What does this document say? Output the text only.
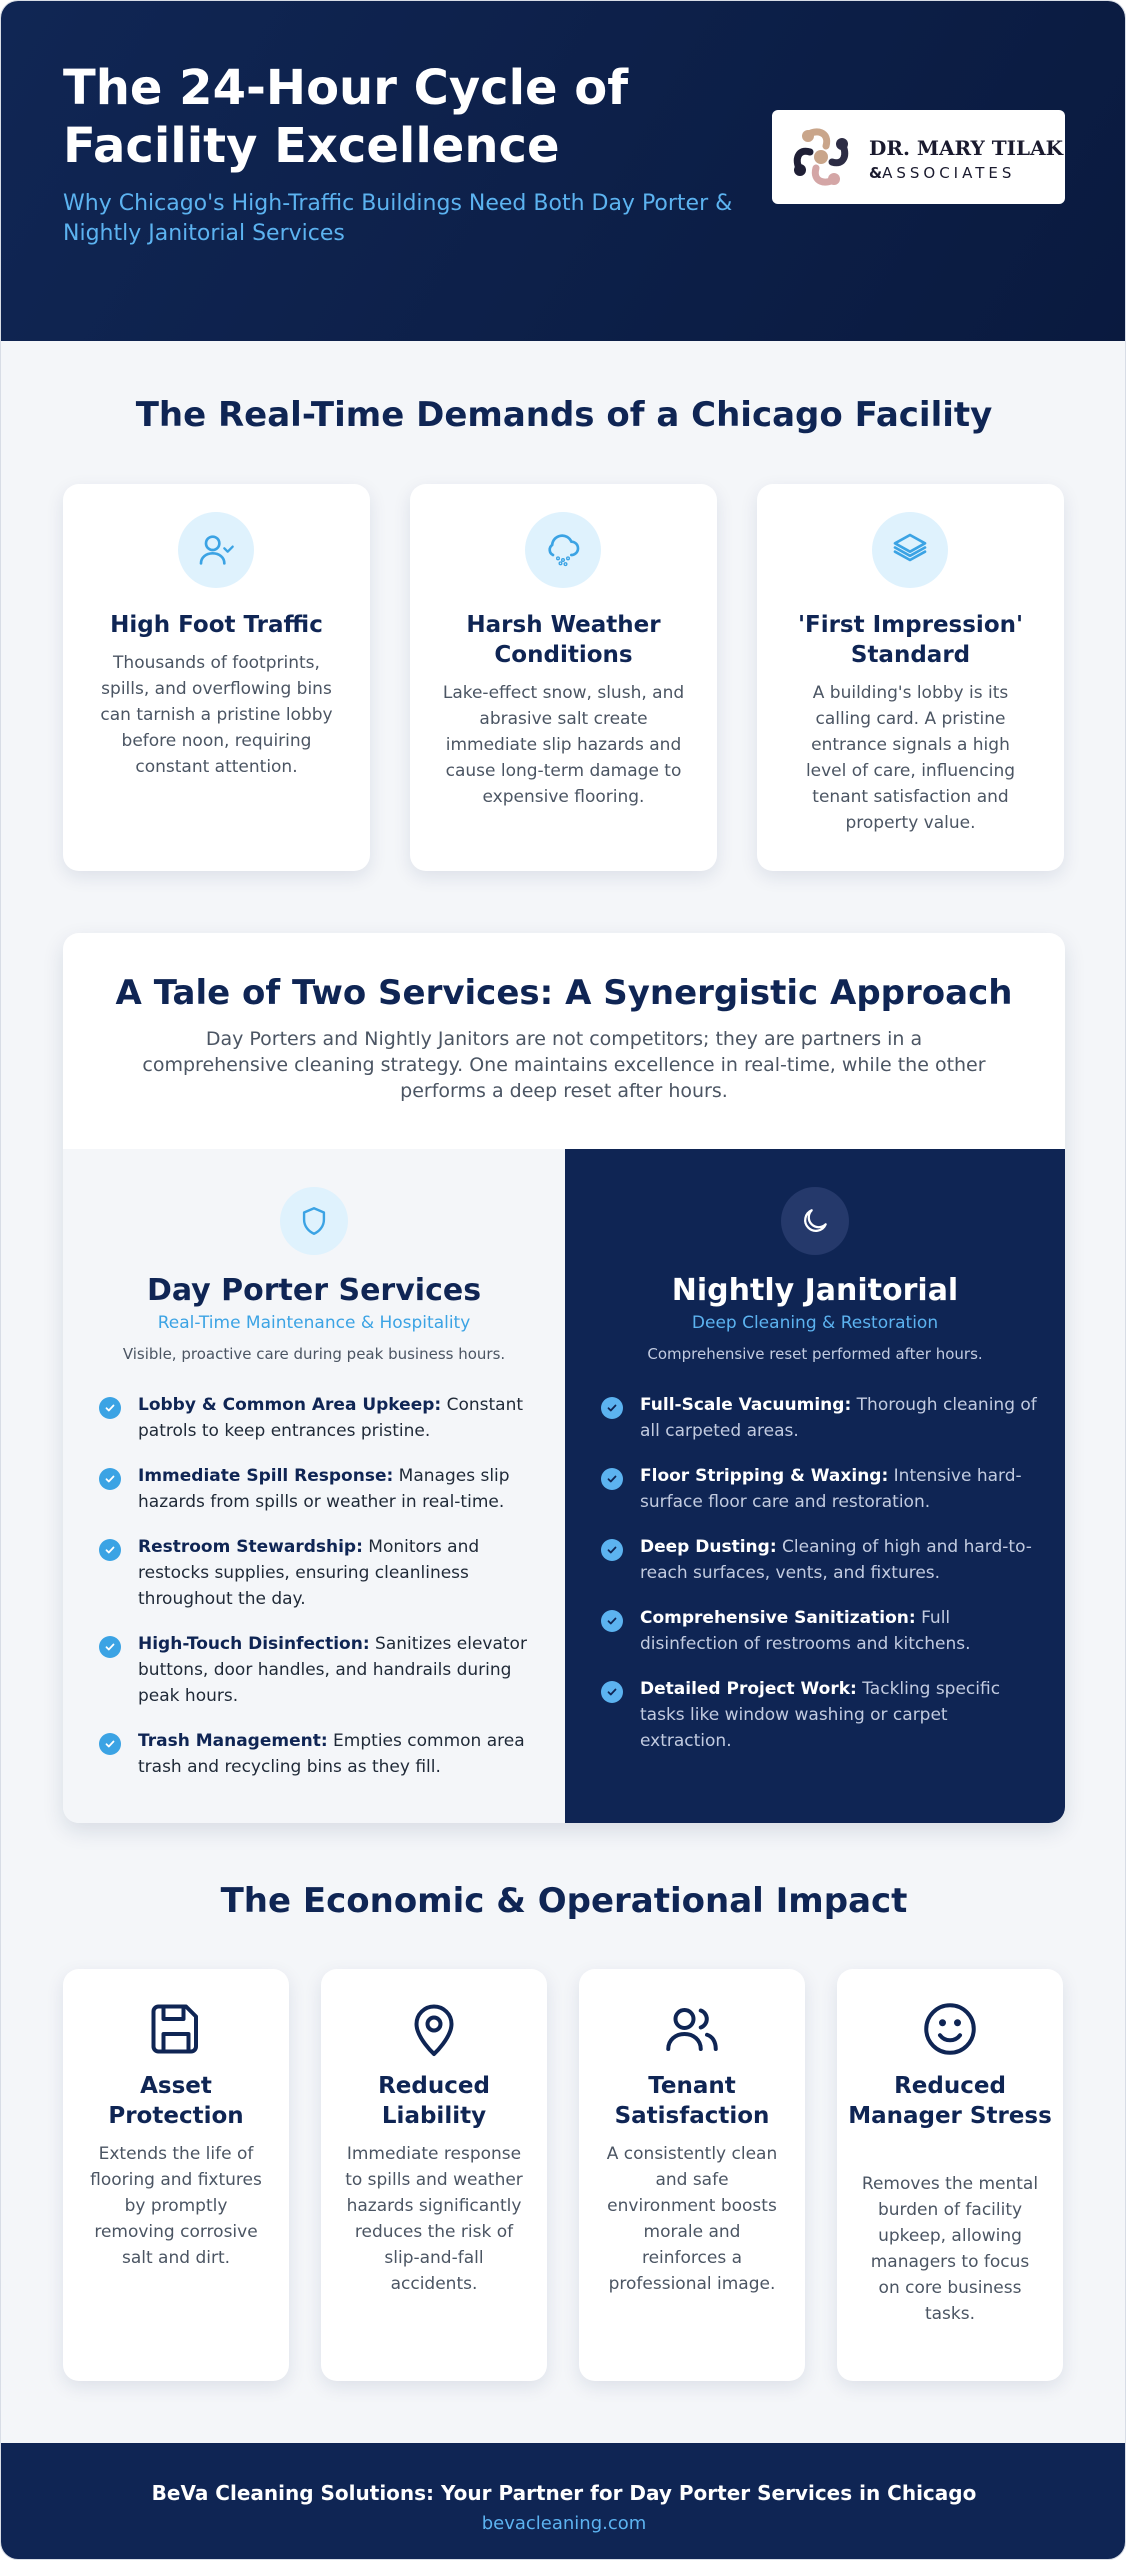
The 24-Hour Cycle of Facility Excellence

Why Chicago's High-Traffic Buildings Need Both Day Porter & Nightly Janitorial Services

DR. MARY TILAK
&ASSOCIATES
The Real-Time Demands of a Chicago Facility
High Foot Traffic

Thousands of footprints, spills, and overflowing bins can tarnish a pristine lobby before noon, requiring constant attention.

Harsh Weather Conditions

Lake-effect snow, slush, and abrasive salt create immediate slip hazards and cause long-term damage to expensive flooring.

'First Impression' Standard

A building's lobby is its calling card. A pristine entrance signals a high level of care, influencing tenant satisfaction and property value.

A Tale of Two Services: A Synergistic Approach

Day Porters and Nightly Janitors are not competitors; they are partners in a comprehensive cleaning strategy. One maintains excellence in real-time, while the other performs a deep reset after hours.

Day Porter Services
Real-Time Maintenance & Hospitality
Visible, proactive care during peak business hours.

Lobby & Common Area Upkeep: Constant patrols to keep entrances pristine.

Immediate Spill Response: Manages slip hazards from spills or weather in real-time.

Restroom Stewardship: Monitors and restocks supplies, ensuring cleanliness throughout the day.

High-Touch Disinfection: Sanitizes elevator buttons, door handles, and handrails during peak hours.

Trash Management: Empties common area trash and recycling bins as they fill.

Nightly Janitorial
Deep Cleaning & Restoration
Comprehensive reset performed after hours.

Full-Scale Vacuuming: Thorough cleaning of all carpeted areas.

Floor Stripping & Waxing: Intensive hard-surface floor care and restoration.

Deep Dusting: Cleaning of high and hard-to-reach surfaces, vents, and fixtures.

Comprehensive Sanitization: Full disinfection of restrooms and kitchens.

Detailed Project Work: Tackling specific tasks like window washing or carpet extraction.

The Economic & Operational Impact
Asset Protection

Extends the life of flooring and fixtures by promptly removing corrosive salt and dirt.

Reduced Liability

Immediate response to spills and weather hazards significantly reduces the risk of slip-and-fall accidents.

Tenant Satisfaction

A consistently clean and safe environment boosts morale and reinforces a professional image.

Reduced Manager Stress

Removes the mental burden of facility upkeep, allowing managers to focus on core business tasks.

BeVa Cleaning Solutions: Your Partner for Day Porter Services in Chicago
bevacleaning.com
